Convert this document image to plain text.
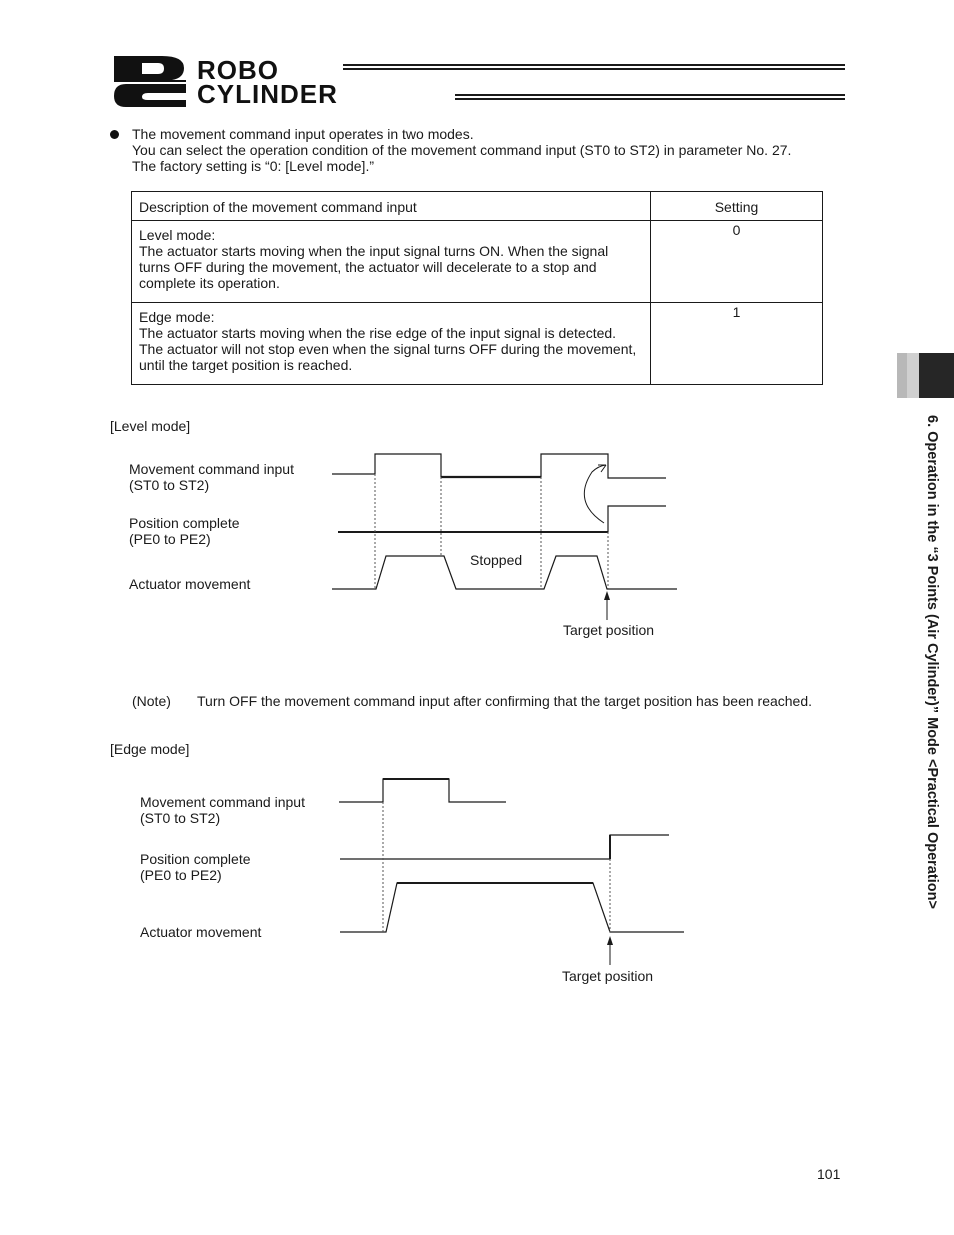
ROBO
CYLINDER
The movement command input operates in two modes.
You can select the operation condition of the movement command input (ST0 to ST2) in parameter No. 27.
The factory setting is “0: [Level mode].”
Description of the movement command input	Setting

Level mode:
The actuator starts moving when the input signal turns ON. When the signal turns OFF during the movement, the actuator will decelerate to a stop and complete its operation.	0

Edge mode:
The actuator starts moving when the rise edge of the input signal is detected. The actuator will not stop even when the signal turns OFF during the movement, until the target position is reached.	1
[Level mode]
Movement command input
(ST0 to ST2)
Position complete
(PE0 to PE2)
Actuator movement
Stopped
Target position
(Note) Turn OFF the movement command input after confirming that the target position has been reached.
[Edge mode]
Movement command input
(ST0 to ST2)
Position complete
(PE0 to PE2)
Actuator movement
Target position
6. Operation in the “3 Points (Air Cylinder)” Mode <Practical Operation>
101
